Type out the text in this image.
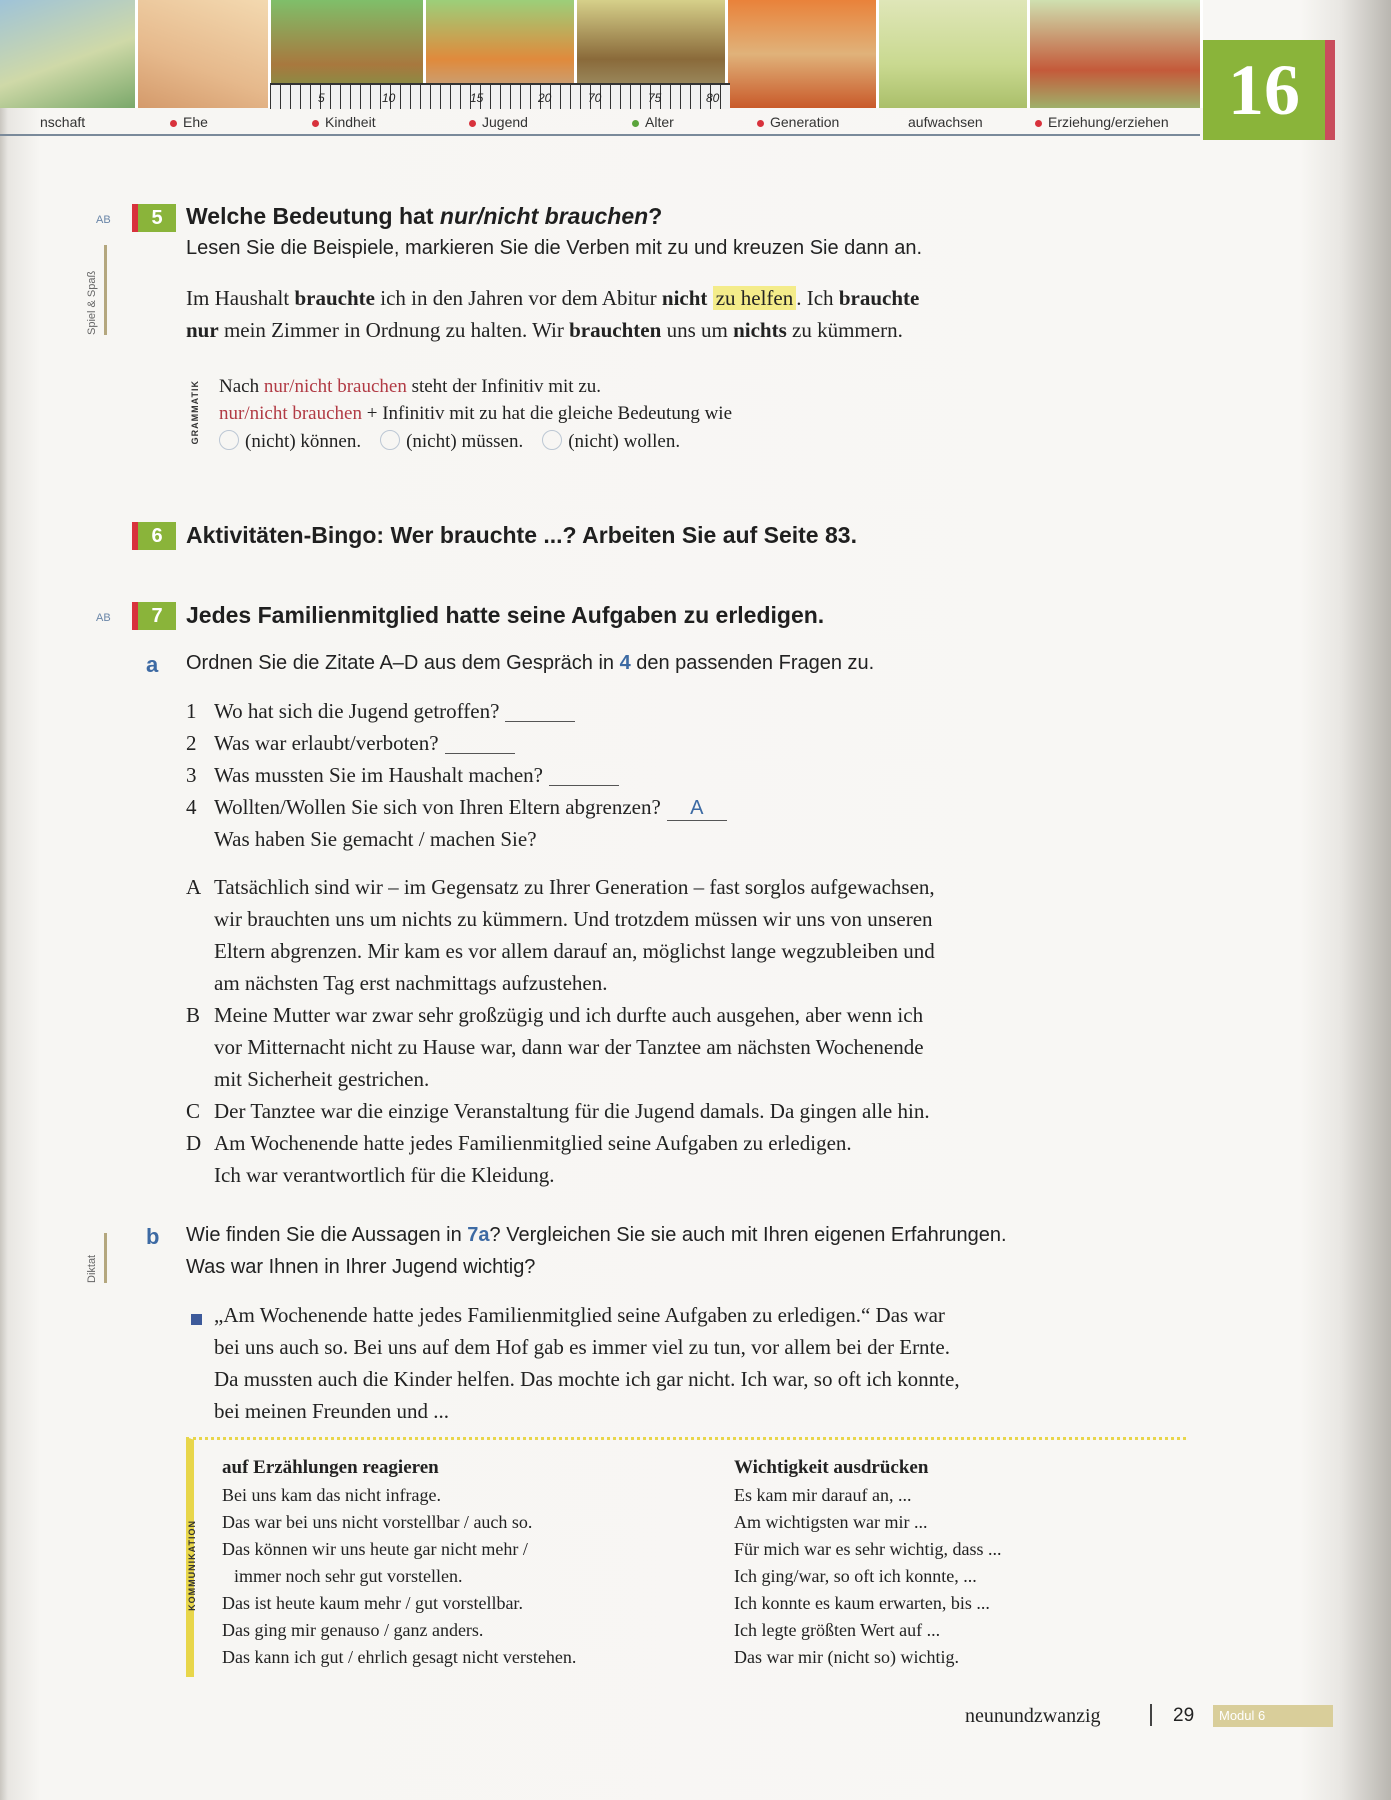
5	10	15	20	70	75	80	16
nschaft	Ehe	Kindheit	Jugend	Alter	Generation	aufwachsen	Erziehung/erziehen
AB
Spiel & Spaß
5	Welche Bedeutung hat nur/nicht brauchen?
Lesen Sie die Beispiele, markieren Sie die Verben mit zu und kreuzen Sie dann an.
Im Haushalt brauchte ich in den Jahren vor dem Abitur nicht zu helfen . Ich brauchte
nur mein Zimmer in Ordnung zu halten. Wir brauchten uns um nichts zu kümmern.
GRAMMATIK Nach nur/nicht brauchen steht der Infinitiv mit zu.
nur/nicht brauchen + Infinitiv mit zu hat die gleiche Bedeutung wie
(nicht) können. (nicht) müssen. (nicht) wollen.
6	Aktivitäten-Bingo: Wer brauchte ...? Arbeiten Sie auf Seite 83.
AB	7	Jedes Familienmitglied hatte seine Aufgaben zu erledigen.
a Ordnen Sie die Zitate A–D aus dem Gespräch in 4 den passenden Fragen zu.
1 Wo hat sich die Jugend getroffen?
2 Was war erlaubt/verboten?
3 Was mussten Sie im Haushalt machen?
4 Wollten/Wollen Sie sich von Ihren Eltern abgrenzen? A
Was haben Sie gemacht / machen Sie?
A Tatsächlich sind wir – im Gegensatz zu Ihrer Generation – fast sorglos aufgewachsen,
wir brauchten uns um nichts zu kümmern. Und trotzdem müssen wir uns von unseren
Eltern abgrenzen. Mir kam es vor allem darauf an, möglichst lange wegzubleiben und
am nächsten Tag erst nachmittags aufzustehen.
B Meine Mutter war zwar sehr großzügig und ich durfte auch ausgehen, aber wenn ich
vor Mitternacht nicht zu Hause war, dann war der Tanztee am nächsten Wochenende
mit Sicherheit gestrichen.
C Der Tanztee war die einzige Veranstaltung für die Jugend damals. Da gingen alle hin.
D Am Wochenende hatte jedes Familienmitglied seine Aufgaben zu erledigen.
Ich war verantwortlich für die Kleidung.
Diktat
b Wie finden Sie die Aussagen in 7a? Vergleichen Sie sie auch mit Ihren eigenen Erfahrungen.
Was war Ihnen in Ihrer Jugend wichtig?
„Am Wochenende hatte jedes Familienmitglied seine Aufgaben zu erledigen.“ Das war
bei uns auch so. Bei uns auf dem Hof gab es immer viel zu tun, vor allem bei der Ernte.
Da mussten auch die Kinder helfen. Das mochte ich gar nicht. Ich war, so oft ich konnte,
bei meinen Freunden und ...
KOMMUNIKATION
auf Erzählungen reagieren
Bei uns kam das nicht infrage.
Das war bei uns nicht vorstellbar / auch so.
Das können wir uns heute gar nicht mehr /
immer noch sehr gut vorstellen.
Das ist heute kaum mehr / gut vorstellbar.
Das ging mir genauso / ganz anders.
Das kann ich gut / ehrlich gesagt nicht verstehen.
Wichtigkeit ausdrücken
Es kam mir darauf an, ...
Am wichtigsten war mir ...
Für mich war es sehr wichtig, dass ...
Ich ging/war, so oft ich konnte, ...
Ich konnte es kaum erwarten, bis ...
Ich legte größten Wert auf ...
Das war mir (nicht so) wichtig.
neunundzwanzig	29	Modul 6
